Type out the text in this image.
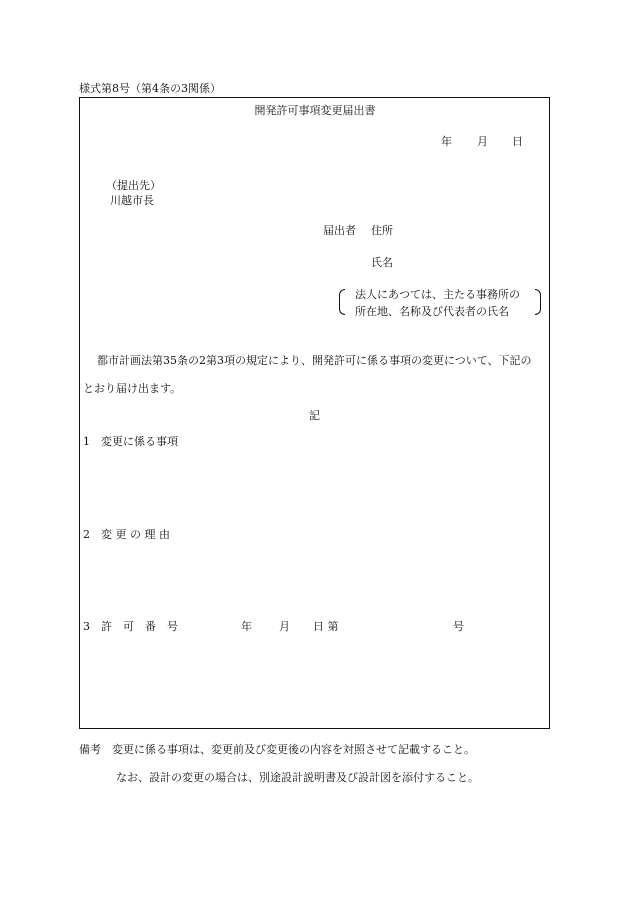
様式第8号（第4条の3関係）
開発許可事項変更届出書
年 月 日
（提出先）
川越市長
届出者 住所
氏名
法人にあつては、主たる事務所の
所在地、名称及び代表者の氏名
都市計画法第35条の2第3項の規定により、開発許可に係る事項の変更について、下記の
とおり届け出ます。
記
1　変更に係る事項
2　変 更 の 理 由
3　許　可　番　号	年 月 日 第	号
備考　変更に係る事項は、変更前及び変更後の内容を対照させて記載すること。
なお、設計の変更の場合は、別途設計説明書及び設計図を添付すること。
